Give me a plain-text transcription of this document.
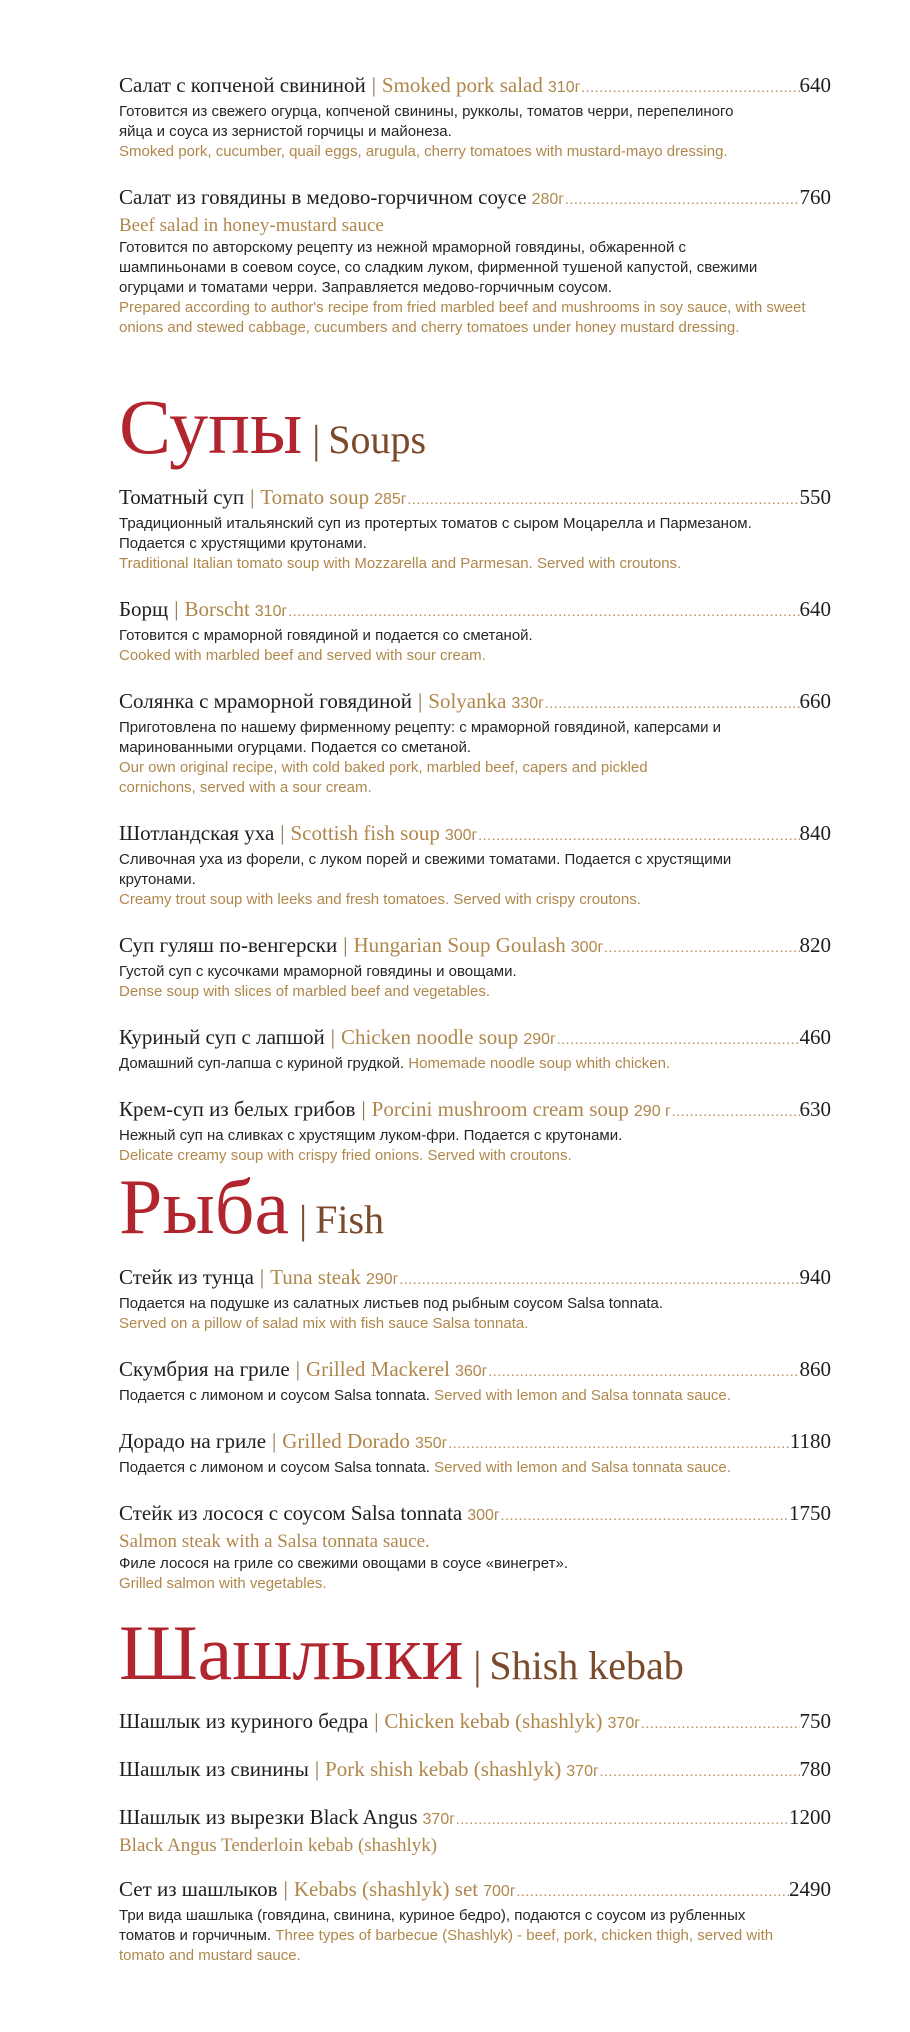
Салат с копченой свининой | Smoked pork salad 310г .....	640
Готовится из свежего огурца, копченой свинины, рукколы, томатов черри, перепелиного яйца и соуса из зернистой горчицы и майонеза.
Smoked pork, cucumber, quail eggs, arugula, cherry tomatoes with mustard-mayo dressing.
Салат из говядины в медово-горчичном соусе 280г .....	760
Beef salad in honey-mustard sauce
Готовится по авторскому рецепту из нежной мраморной говядины, обжаренной с шампиньонами в соевом соусе, со сладким луком, фирменной тушеной капустой, свежими огурцами и томатами черри. Заправляется медово-горчичным соусом.
Prepared according to author's recipe from fried marbled beef and mushrooms in soy sauce, with sweet onions and stewed cabbage, cucumbers and cherry tomatoes under honey mustard dressing.
Супы | Soups
Томатный суп | Tomato soup 285г .....	550
Традиционный итальянский суп из протертых томатов с сыром Моцарелла и Пармезаном. Подается с хрустящими крутонами.
Traditional Italian tomato soup with Mozzarella and Parmesan. Served with croutons.
Борщ | Borscht 310г .....	640
Готовится с мраморной говядиной и подается со сметаной.
Cooked with marbled beef and served with sour cream.
Солянка с мраморной говядиной | Solyanka 330г .....	660
Приготовлена по нашему фирменному рецепту: с мраморной говядиной, каперсами и маринованными огурцами. Подается со сметаной.
Our own original recipe, with cold baked pork, marbled beef, capers and pickled cornichons, served with a sour cream.
Шотландская уха | Scottish fish soup 300г .....	840
Сливочная уха из форели, с луком порей и свежими томатами. Подается с хрустящими крутонами.
Creamy trout soup with leeks and fresh tomatoes. Served with crispy croutons.
Суп гуляш по-венгерски | Hungarian Soup Goulash 300г .....	820
Густой суп с кусочками мраморной говядины и овощами.
Dense soup with slices of marbled beef and vegetables.
Куриный суп с лапшой | Chicken noodle soup 290г .....	460
Домашний суп-лапша с куриной грудкой. Homemade noodle soup whith chicken.
Крем-суп из белых грибов | Porcini mushroom cream soup 290 г .....	630
Нежный суп на сливках с хрустящим луком-фри. Подается с крутонами.
Delicate creamy soup with crispy fried onions. Served with croutons.
Рыба | Fish
Стейк из тунца | Tuna steak 290г .....	940
Подается на подушке из салатных листьев под рыбным соусом Salsa tonnata.
Served on a pillow of salad mix with fish sauce Salsa tonnata.
Скумбрия на гриле | Grilled Mackerel 360г .....	860
Подается с лимоном и соусом Salsa tonnata. Served with lemon and Salsa tonnata sauce.
Дорадо на гриле | Grilled Dorado 350г .....	1180
Подается с лимоном и соусом Salsa tonnata. Served with lemon and Salsa tonnata sauce.
Стейк из лосося с соусом Salsa tonnata 300г .....	1750
Salmon steak with a Salsa tonnata sauce.
Филе лосося на гриле со свежими овощами в соусе «винегрет».
Grilled salmon with vegetables.
Шашлыки | Shish kebab
Шашлык из куриного бедра | Chicken kebab (shashlyk) 370г .....	750
Шашлык из свинины | Pork shish kebab (shashlyk) 370г .....	780
Шашлык из вырезки Black Angus 370г .....	1200
Black Angus Tenderloin kebab (shashlyk)
Сет из шашлыков | Kebabs (shashlyk) set 700г .....	2490
Три вида шашлыка (говядина, свинина, куриное бедро), подаются с соусом из рубленных томатов и горчичным. Three types of barbecue (Shashlyk) - beef, pork, chicken thigh, served with tomato and mustard sauce.
